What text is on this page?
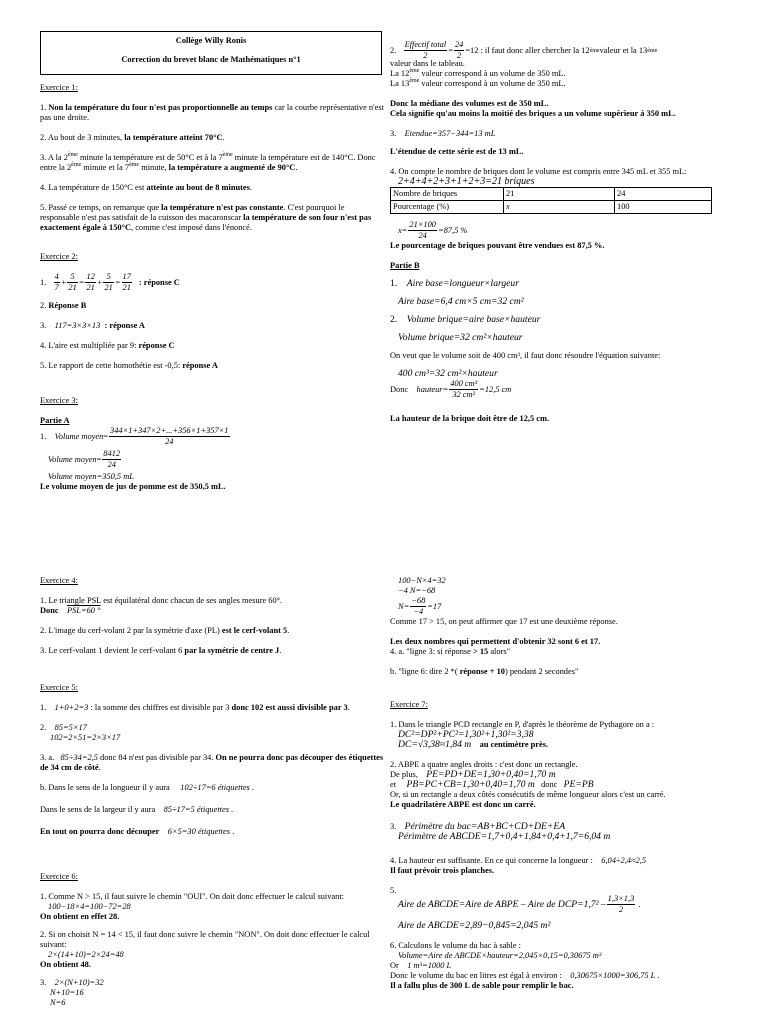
Collège Willy Ronis
Correction du brevet blanc de Mathématiques n°1

Exercice 1:

1. Non la température du four n'est pas proportionnelle au temps car la courbe représentative n'est pas une droite.

2. Au bout de 3 minutes, la température atteint 70°C.

3. A la 2ème minute la température est de 50°C et à la 7ème minute la température est de 140°C. Donc entre la 2ème minute et la 7ème minute, la température a augmenté de 90°C.

4. La température de 150°C est atteinte au bout de 8 minutes.

5. Passé ce temps, on remarque que la température n'est pas constante. C'est pourquoi le responsable n'est pas satisfait de la cuisson des macaronscar la température de son four n'est pas exactement égale à 150°C, comme c'est imposé dans l'énoncé.

Exercice 2:

1. $\frac{4}{7} + \frac{5}{21} = \frac{12}{21} + \frac{5}{21} = \frac{17}{21}$ : réponse C

2. Réponse B

3.    117=3×3×13 : réponse A

4. L'aire est multipliée par 9: réponse C

5. Le rapport de cette homothétie est -0,5: réponse A

Exercice 3:

Partie A

1. Volume moyen = $\frac{344\times 1+347\times 2+...+356\times 1+357\times 1}{24}$
Volume moyen = $\frac{8412}{24}$

Volume moyen=350,5 mL

Le volume moyen de jus de pomme est de 350,5 mL.

2. $\frac{\text{Effectif total}}{2} = \frac{24}{2} =12$ : il faut donc aller chercher la 12 ème valeur et la 13 ème

valeur dans le tableau.

La 12ème valeur correspond à un volume de 350 mL.

La 13ème valeur correspond à un volume de 350 mL.

Donc la médiane des volumes est de 350 mL.

Cela signifie qu'au moins la moitié des briques a un volume supérieur à 350 mL.

3.    Etendue=357−344=13 mL

L'étendue de cette série est de 13 mL.

4. On compte le nombre de briques dont le volume est compris entre 345 mL et 355 mL:

2+4+4+2+3+1+2+3=21 briques

Nombre de briques	21	24
Pourcentage (%)	x	100
$x= \frac{21\times 100}{24} =87,5$ %

Le pourcentage de briques pouvant être vendues est 87,5 %.

Partie B

1.    Aire base=longueur×largeur

Aire base=6,4 cm×5 cm=32 cm²

2.    Volume brique=aire base×hauteur

Volume brique=32 cm²×hauteur

On veut que le volume soit de 400 cm³, il faut donc résoudre l'équation suivante:

400 cm³=32 cm²×hauteur

Donc
hauteur= $\frac{\text{400 cm³}}{\text{32 cm²}} =12,5$ cm

La hauteur de la brique doit être de 12,5 cm.

Exercice 4:

1. Le triangle PSL est équilatéral donc chacun de ses angles mesure 60°.

Donc PSL=60 °

2. L'image du cerf-volant 2 par la symétrie d'axe (PL) est le cerf-volant 5.

3. Le cerf-volant 1 devient le cerf-volant 6 par la symétrie de centre J.

Exercice 5:

1.    1+0+2=3 : la somme des chiffres est divisible par 3 donc 102 est aussi divisible par 3.

2.    85=5×17

102=2×51=2×3×17

3. a.   85÷34=2,5 donc 84 n'est pas divisible par 34. On ne pourra donc pas découper des étiquettes de 34 cm de côté.

b. Dans le sens de la longueur il y aura 102÷17=6 étiquettes .

Dans le sens de la largeur il y aura 85÷17=5 étiquettes .

En tout on pourra donc découper 6×5=30 étiquettes .

Exercice 6:

1. Comme N > 15, il faut suivre le chemin "OUI". On doit donc effectuer le calcul suivant:

100−18×4=100−72=28

On obtient en effet 28.

2. Si on choisit N = 14 < 15, il faut donc suivre le chemin "NON". On doit donc effectuer le calcul suivant:

2×(14+10)=2×24=48

On obtient 48.

3.    2×(N+10)=32

N+10=16

N=6

100−N×4=32

−4 N=−68

$N= \frac{-68}{-4} =17$

Comme 17 > 15, on peut affirmer que 17 est une deuxième réponse.

Les deux nombres qui permettent d'obtenir 32 sont 6 et 17.

4. a. "ligne 3: si réponse > 15 alors"

b. "ligne 6: dire 2 *( réponse + 10) pendant 2 secondes"

Exercice 7:

1. Dans le triangle PCD rectangle en P, d'après le théorème de Pythagore on a :

DC²=DP²+PC²=1,30²+1,30²=3,38

DC=√3,38≈1,84 m au centimètre près.

2. ABPE a quatre angles droits : c'est donc un rectangle.

De plus, PE=PD+DE=1,30+0,40=1,70 m

et PB=PC+CB=1,30+0,40=1,70 m donc PE=PB

Or, si un rectangle a deux côtés consécutifs de même longueur alors c'est un carré.

Le quadrilatère ABPE est donc un carré.

3.    Périmètre du bac=AB+BC+CD+DE+EA

Périmètre de ABCDE=1,7+0,4+1,84+0,4+1,7=6,04 m

4. La hauteur est suffisante. En ce qui concerne la longueur : 6,04÷2,4≈2,5

Il faut prévoir trois planches.

5.

Aire de ABCDE=Aire de ABPE – Aire de $DCP=1,7^2 - \frac{1,3\times 1,3}{2}$ .

Aire de ABCDE=2,89−0,845=2,045 m²

6. Calculons le volume du bac à sable :

Volume=Aire de ABCDE×hauteur=2,045×0,15=0,30675 m³

Or 1 m³=1000 L

Donc le volume du bac en litres est égal à environ : 0,30675×1000=306,75 L .

Il a fallu plus de 300 L de sable pour remplir le bac.
